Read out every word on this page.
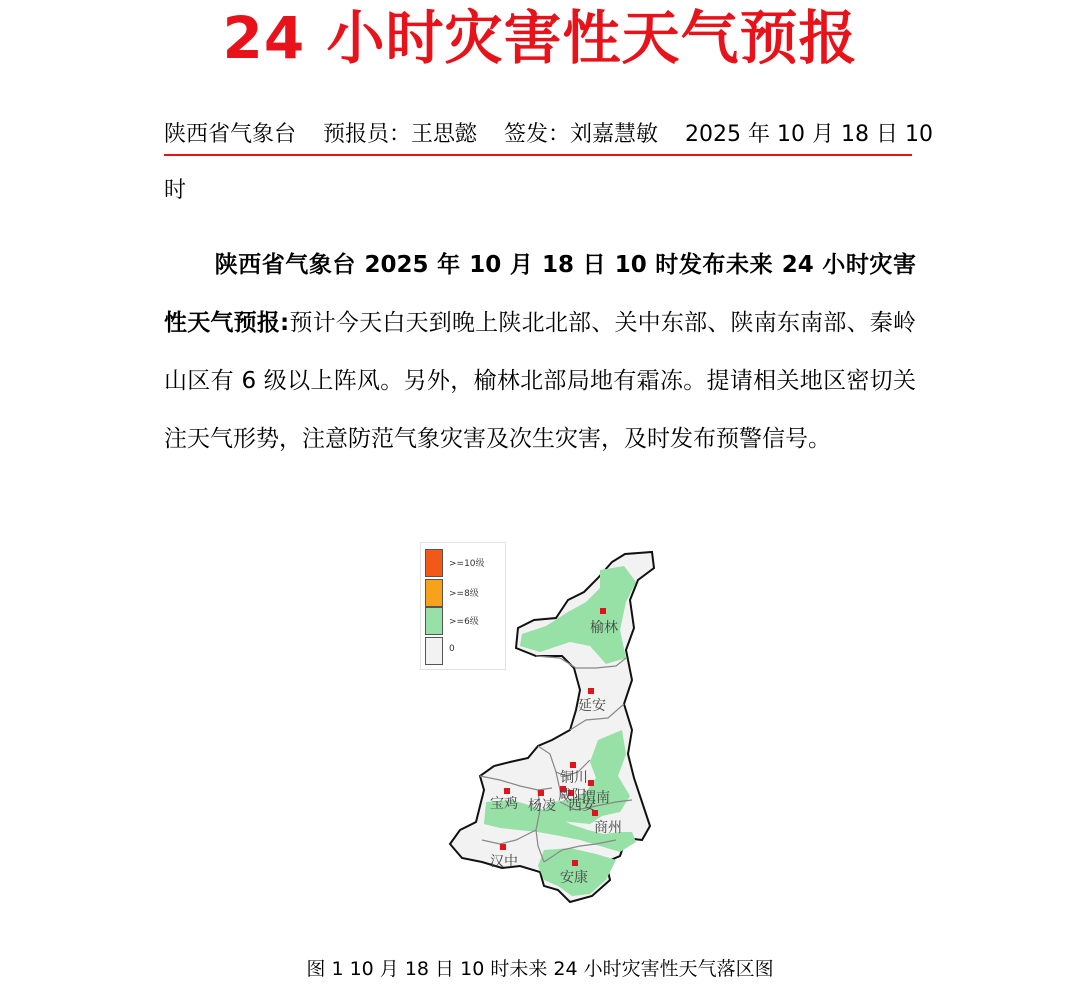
24 小时灾害性天气预报
陕西省气象台 预报员：王思懿 签发：刘嘉慧敏 2025 年 10 月 18 日 10
时
陕西省气象台 2025 年 10 月 18 日 10 时发布未来 24 小时灾害性天气预报:预计今天白天到晚上陕北北部、关中东部、陕南东南部、秦岭山区有 6 级以上阵风。另外，榆林北部局地有霜冻。提请相关地区密切关注天气形势，注意防范气象灾害及次生灾害，及时发布预警信号。
>=10级
>=8级
>=6级
0
榆林
延安
铜川
渭南
西安
咸阳
杨凌
宝鸡
商州
汉中
安康
图 1 10 月 18 日 10 时未来 24 小时灾害性天气落区图
